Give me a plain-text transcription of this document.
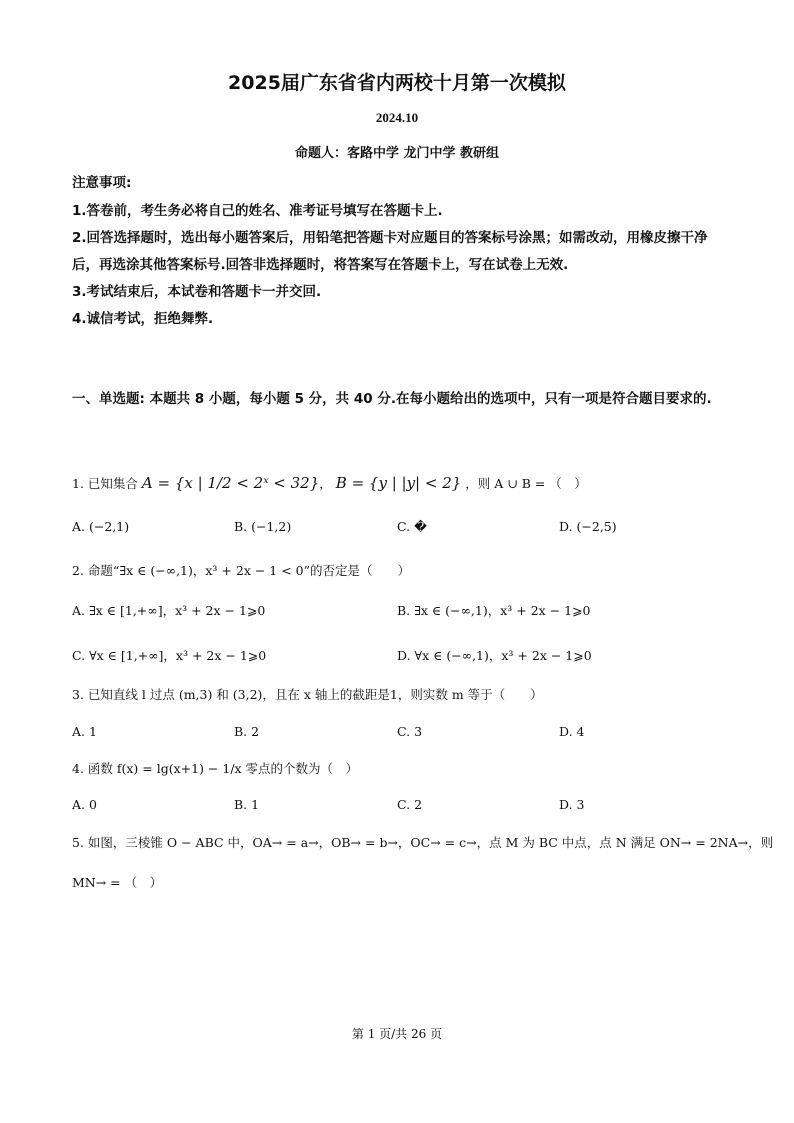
2025届广东省省内两校十月第一次模拟
2024.10
命题人：客路中学 龙门中学 教研组
注意事项:

1.答卷前，考生务必将自己的姓名、准考证号填写在答题卡上.

2.回答选择题时，选出每小题答案后，用铅笔把答题卡对应题目的答案标号涂黑；如需改动，用橡皮擦干净后，再选涂其他答案标号.回答非选择题时，将答案写在答题卡上，写在试卷上无效.

3.考试结束后，本试卷和答题卡一并交回.

4.诚信考试，拒绝舞弊.

一、单选题: 本题共 8 小题，每小题 5 分，共 40 分.在每小题给出的选项中，只有一项是符合题目要求的.
1. 已知集合 A = {x | 1/2 < 2ˣ < 32}， B = {y | |y| < 2} ，则 A ∪ B = （　）
A. (−2,1)	B. (−1,2)	C. �	D. (−2,5)
2. 命题“∃x ∈ (−∞,1)，x³ + 2x − 1 < 0”的否定是（　　）
A. ∃x ∈ [1,+∞]，x³ + 2x − 1⩾0	B. ∃x ∈ (−∞,1)，x³ + 2x − 1⩾0
C. ∀x ∈ [1,+∞]，x³ + 2x − 1⩾0	D. ∀x ∈ (−∞,1)，x³ + 2x − 1⩾0
3. 已知直线 l 过点 (m,3) 和 (3,2)，且在 x 轴上的截距是1，则实数 m 等于（　　）
A. 1	B. 2	C. 3	D. 4
4. 函数 f(x) = lg(x+1) − 1/x 零点的个数为（　）
A. 0	B. 1	C. 2	D. 3
5. 如图，三棱锥 O − ABC 中，OA→ = a→，OB→ = b→，OC→ = c→，点 M 为 BC 中点，点 N 满足 ON→ = 2NA→，则
MN→ = （　）
第 1 页/共 26 页
